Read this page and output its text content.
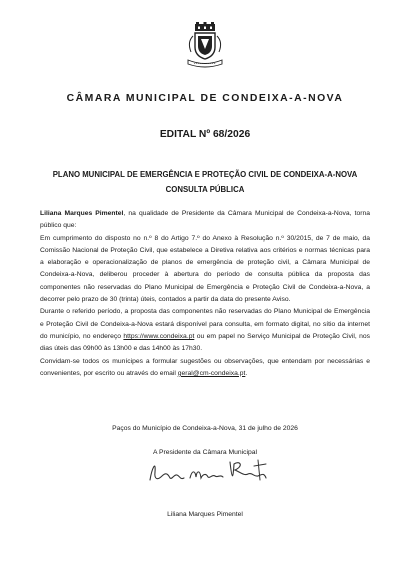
CÂMARA MUNICIPAL DE CONDEIXA-A-NOVA
EDITAL Nº 68/2026
PLANO MUNICIPAL DE EMERGÊNCIA E PROTEÇÃO CIVIL DE CONDEIXA-A-NOVA
CONSULTA PÚBLICA

Liliana Marques Pimentel, na qualidade de Presidente da Câmara Municipal de Condeixa-a-Nova, torna público que:

Em cumprimento do disposto no n.º 8 do Artigo 7.º do Anexo à Resolução n.º 30/2015, de 7 de maio, da Comissão Nacional de Proteção Civil, que estabelece a Diretiva relativa aos critérios e normas técnicas para a elaboração e operacionalização de planos de emergência de proteção civil, a Câmara Municipal de Condeixa-a-Nova, deliberou proceder à abertura do período de consulta pública da proposta das componentes não reservadas do Plano Municipal de Emergência e Proteção Civil de Condeixa-a-Nova, a decorrer pelo prazo de 30 (trinta) úteis, contados a partir da data do presente Aviso.

Durante o referido período, a proposta das componentes não reservadas do Plano Municipal de Emergência e Proteção Civil de Condeixa-a-Nova estará disponível para consulta, em formato digital, no sítio da internet do município, no endereço https://www.condeixa.pt ou em papel no Serviço Municipal de Proteção Civil, nos dias úteis das 09h00 às 13h00 e das 14h00 às 17h30.

Convidam-se todos os munícipes a formular sugestões ou observações, que entendam por necessárias e convenientes, por escrito ou através do email geral@cm-condeixa.pt.

Paços do Município de Condeixa-a-Nova, 31 de julho de 2026
A Presidente da Câmara Municipal
Liliana Marques Pimentel
